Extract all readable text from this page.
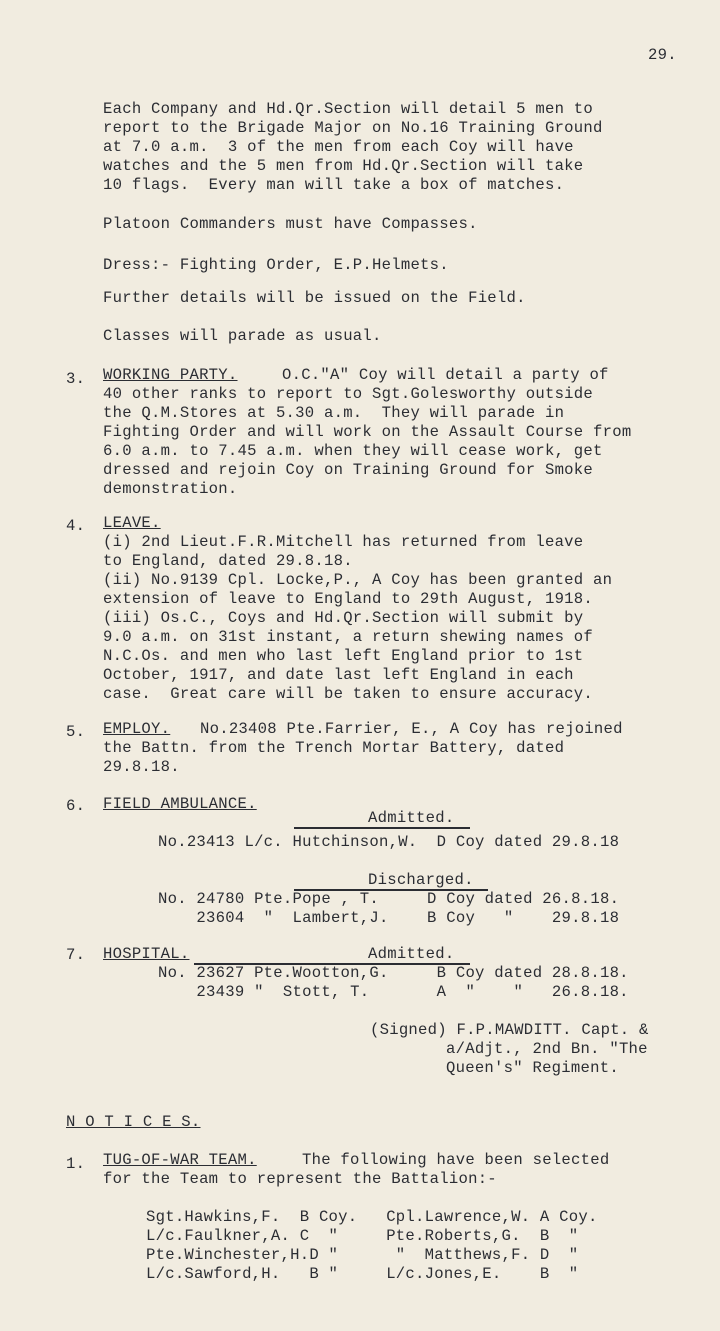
29.
Each Company and Hd.Qr.Section will detail 5 men to
report to the Brigade Major on No.16 Training Ground
at 7.0 a.m.  3 of the men from each Coy will have
watches and the 5 men from Hd.Qr.Section will take
10 flags.  Every man will take a box of matches.
Platoon Commanders must have Compasses.
Dress:- Fighting Order, E.P.Helmets.
Further details will be issued on the Field.
Classes will parade as usual.
3. WORKING PARTY.	O.C."A" Coy will detail a party of
40 other ranks to report to Sgt.Golesworthy outside
the Q.M.Stores at 5.30 a.m.  They will parade in
Fighting Order and will work on the Assault Course from
6.0 a.m. to 7.45 a.m. when they will cease work, get
dressed and rejoin Coy on Training Ground for Smoke
demonstration.
4. LEAVE.
(i) 2nd Lieut.F.R.Mitchell has returned from leave
to England, dated 29.8.18.
(ii) No.9139 Cpl. Locke,P., A Coy has been granted an
extension of leave to England to 29th August, 1918.
(iii) Os.C., Coys and Hd.Qr.Section will submit by
9.0 a.m. on 31st instant, a return shewing names of
N.C.Os. and men who last left England prior to 1st
October, 1917, and date last left England in each
case.  Great care will be taken to ensure accuracy.
5. EMPLOY. No.23408 Pte.Farrier, E., A Coy has rejoined
the Battn. from the Trench Mortar Battery, dated
29.8.18.
6. FIELD AMBULANCE.
Admitted.
No.23413 L/c. Hutchinson,W.  D Coy dated 29.8.18
Discharged.
No. 24780 Pte.Pope , T.     D Coy dated 26.8.18.
23604  "  Lambert,J.    B Coy   "    29.8.18
7. HOSPITAL.	Admitted.
No. 23627 Pte.Wootton,G.     B Coy dated 28.8.18.
23439 "  Stott, T.       A  "    "   26.8.18.
(Signed) F.P.MAWDITT. Capt. &
a/Adjt., 2nd Bn. "The
Queen's" Regiment.
N O T I C E S.
1. TUG-OF-WAR TEAM.	The following have been selected
for the Team to represent the Battalion:-
Sgt.Hawkins,F.  B Coy.   Cpl.Lawrence,W. A Coy.
L/c.Faulkner,A. C  "     Pte.Roberts,G.  B  "
Pte.Winchester,H.D "      "  Matthews,F. D  "
L/c.Sawford,H.   B "     L/c.Jones,E.    B  "
